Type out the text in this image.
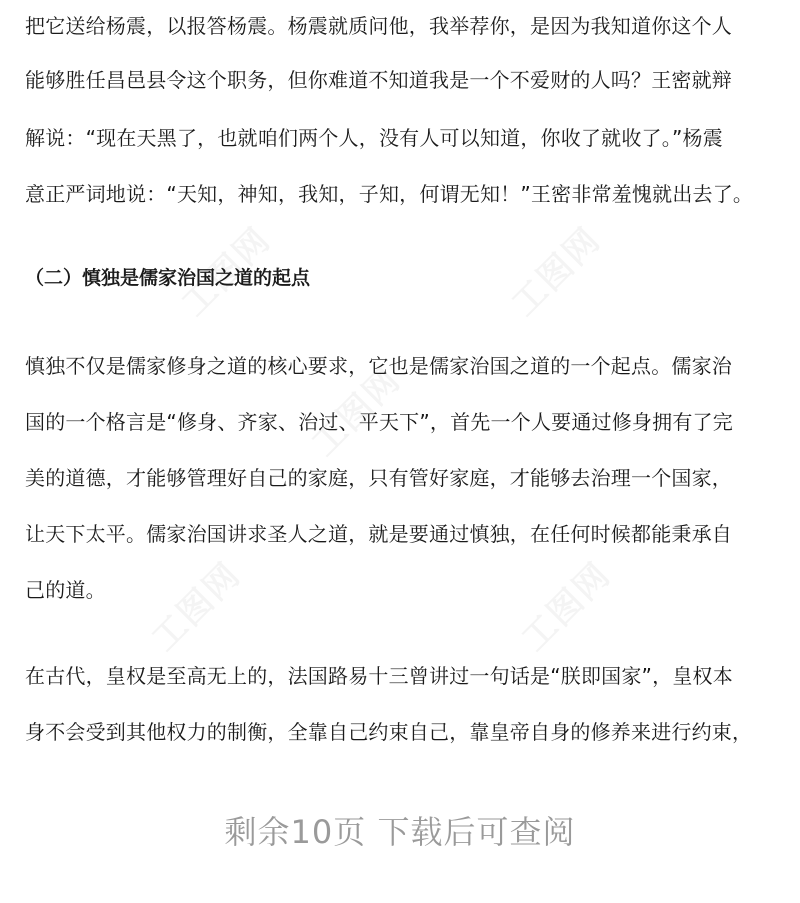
把它送给杨震，以报答杨震。杨震就质问他，我举荐你，是因为我知道你这个人
能够胜任昌邑县令这个职务，但你难道不知道我是一个不爱财的人吗？王密就辩
解说：“现在天黑了，也就咱们两个人，没有人可以知道，你收了就收了。”杨震
意正严词地说：“天知，神知，我知，子知，何谓无知！”王密非常羞愧就出去了。
（二）慎独是儒家治国之道的起点
慎独不仅是儒家修身之道的核心要求，它也是儒家治国之道的一个起点。儒家治
国的一个格言是“修身、齐家、治过、平天下”，首先一个人要通过修身拥有了完
美的道德，才能够管理好自己的家庭，只有管好家庭，才能够去治理一个国家，
让天下太平。儒家治国讲求圣人之道，就是要通过慎独，在任何时候都能秉承自
己的道。
在古代，皇权是至高无上的，法国路易十三曾讲过一句话是“朕即国家”，皇权本
身不会受到其他权力的制衡，全靠自己约束自己，靠皇帝自身的修养来进行约束，
剩余10页 下载后可查阅
